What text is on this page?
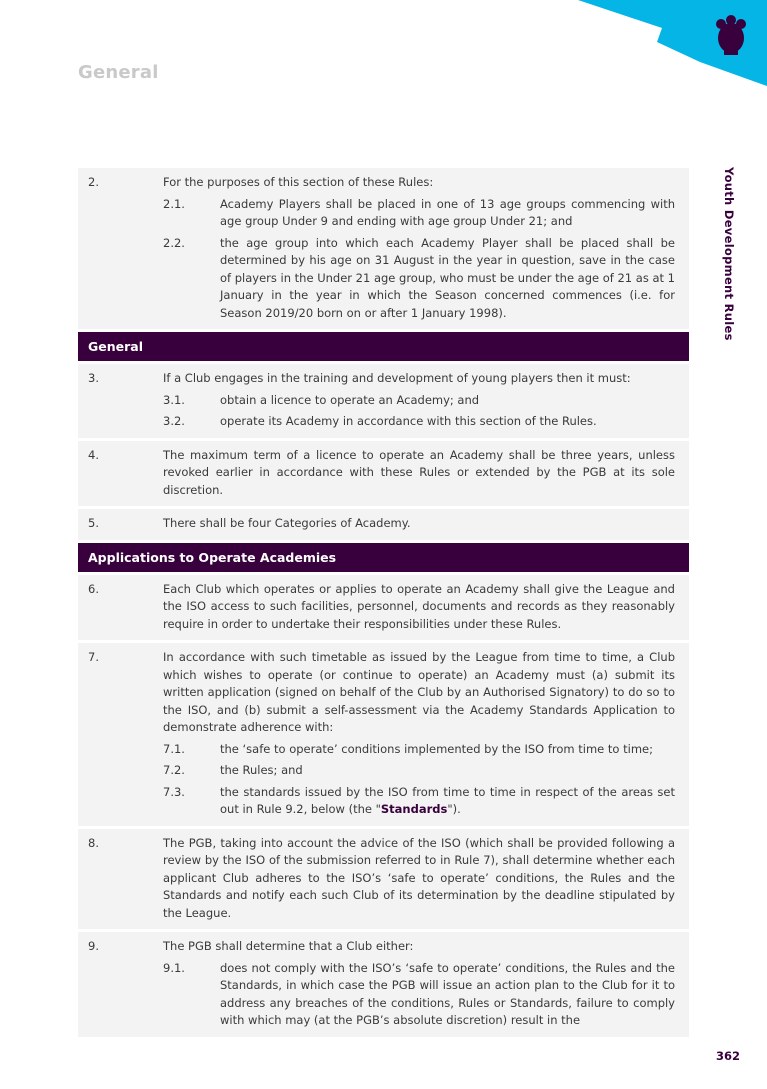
General
Youth Development Rules
362
2.	For the purposes of this section of these Rules:
2.1.	Academy Players shall be placed in one of 13 age groups commencing with age group Under 9 and ending with age group Under 21; and
2.2.	the age group into which each Academy Player shall be placed shall be determined by his age on 31 August in the year in question, save in the case of players in the Under 21 age group, who must be under the age of 21 as at 1 January in the year in which the Season concerned commences (i.e. for Season 2019/20 born on or after 1 January 1998).
General
3.	If a Club engages in the training and development of young players then it must:
3.1.	obtain a licence to operate an Academy; and
3.2.	operate its Academy in accordance with this section of the Rules.
4.	The maximum term of a licence to operate an Academy shall be three years, unless revoked earlier in accordance with these Rules or extended by the PGB at its sole discretion.
5.	There shall be four Categories of Academy.
Applications to Operate Academies
6.	Each Club which operates or applies to operate an Academy shall give the League and the ISO access to such facilities, personnel, documents and records as they reasonably require in order to undertake their responsibilities under these Rules.
7.	In accordance with such timetable as issued by the League from time to time, a Club which wishes to operate (or continue to operate) an Academy must (a) submit its written application (signed on behalf of the Club by an Authorised Signatory) to do so to the ISO, and (b) submit a self-assessment via the Academy Standards Application to demonstrate adherence with:
7.1.	the ‘safe to operate’ conditions implemented by the ISO from time to time;
7.2.	the Rules; and
7.3.	the standards issued by the ISO from time to time in respect of the areas set out in Rule 9.2, below (the "Standards").
8.	The PGB, taking into account the advice of the ISO (which shall be provided following a review by the ISO of the submission referred to in Rule 7), shall determine whether each applicant Club adheres to the ISO’s ‘safe to operate’ conditions, the Rules and the Standards and notify each such Club of its determination by the deadline stipulated by the League.
9.	The PGB shall determine that a Club either:
9.1.	does not comply with the ISO’s ‘safe to operate’ conditions, the Rules and the Standards, in which case the PGB will issue an action plan to the Club for it to address any breaches of the conditions, Rules or Standards, failure to comply with which may (at the PGB’s absolute discretion) result in the
